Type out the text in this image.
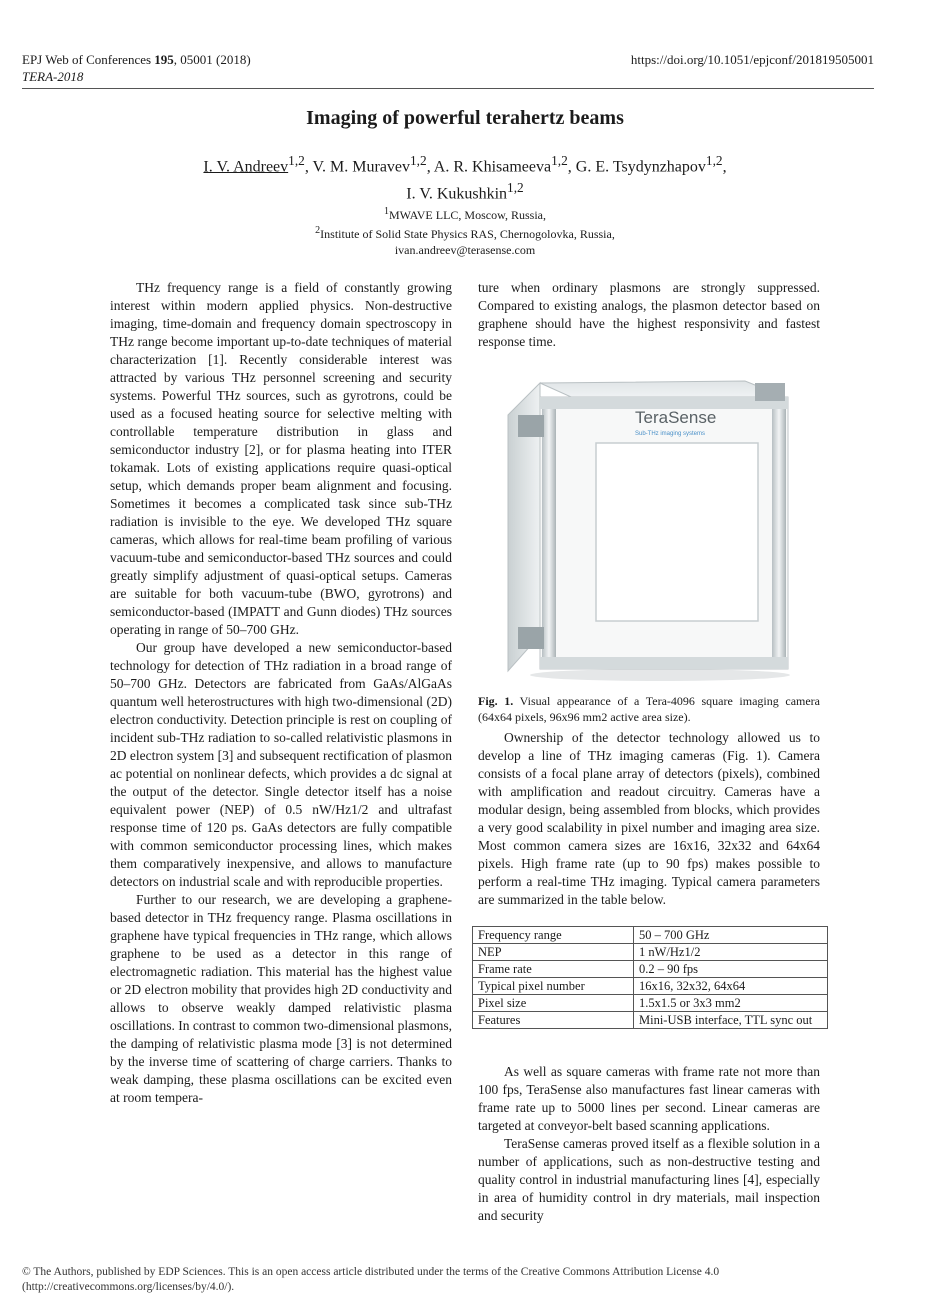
EPJ Web of Conferences 195, 05001 (2018)
TERA-2018
https://doi.org/10.1051/epjconf/201819505001
Imaging of powerful terahertz beams
I. V. Andreev$^{1,2}$, V. M. Muravev$^{1,2}$, A. R. Khisameeva$^{1,2}$, G. E. Tsydynzhapov$^{1,2}$,
I. V. Kukushkin$^{1,2}$
$^1$MWAVE LLC, Moscow, Russia,
$^2$Institute of Solid State Physics RAS, Chernogolovka, Russia,
ivan.andreev@terasense.com

THz frequency range is a field of constantly growing interest within modern applied physics. Non-destructive imaging, time-domain and frequency domain spectroscopy in THz range become important up-to-date techniques of material characterization [1]. Recently considerable interest was attracted by various THz personnel screening and security systems. Powerful THz sources, such as gyrotrons, could be used as a focused heating source for selective melting with controllable temperature distribution in glass and semiconductor industry [2], or for plasma heating into ITER tokamak. Lots of existing applications require quasi-optical setup, which demands proper beam alignment and focusing. Sometimes it becomes a complicated task since sub-THz radiation is invisible to the eye. We developed THz square cameras, which allows for real-time beam profiling of various vacuum-tube and semiconductor-based THz sources and could greatly simplify adjustment of quasi-optical setups. Cameras are suitable for both vacuum-tube (BWO, gyrotrons) and semiconductor-based (IMPATT and Gunn diodes) THz sources operating in range of 50–700 GHz.

Our group have developed a new semiconductor-based technology for detection of THz radiation in a broad range of 50–700 GHz. Detectors are fabricated from GaAs/AlGaAs quantum well heterostructures with high two-dimensional (2D) electron conductivity. Detection principle is rest on coupling of incident sub-THz radiation to so-called relativistic plasmons in 2D electron system [3] and subsequent rectification of plasmon ac potential on nonlinear defects, which provides a dc signal at the output of the detector. Single detector itself has a noise equivalent power (NEP) of 0.5 nW/Hz1/2 and ultrafast response time of 120 ps. GaAs detectors are fully compatible with common semiconductor processing lines, which makes them comparatively inexpensive, and allows to manufacture detectors on industrial scale and with reproducible properties.

Further to our research, we are developing a graphene-based detector in THz frequency range. Plasma oscillations in graphene have typical frequencies in THz range, which allows graphene to be used as a detector in this range of electromagnetic radiation. This material has the highest value or 2D electron mobility that provides high 2D conductivity and allows to observe weakly damped relativistic plasma oscillations. In contrast to common two-dimensional plasmons, the damping of relativistic plasma mode [3] is not determined by the inverse time of scattering of charge carriers. Thanks to weak damping, these plasma oscillations can be excited even at room tempera-

ture when ordinary plasmons are strongly suppressed. Compared to existing analogs, the plasmon detector based on graphene should have the highest responsivity and fastest response time.

TeraSense
Sub-THz imaging systems
Fig. 1. Visual appearance of a Tera-4096 square imaging camera (64x64 pixels, 96x96 mm2 active area size).

Ownership of the detector technology allowed us to develop a line of THz imaging cameras (Fig. 1). Camera consists of a focal plane array of detectors (pixels), combined with amplification and readout circuitry. Cameras have a modular design, being assembled from blocks, which provides a very good scalability in pixel number and imaging area size. Most common camera sizes are 16x16, 32x32 and 64x64 pixels. High frame rate (up to 90 fps) makes possible to perform a real-time THz imaging. Typical camera parameters are summarized in the table below.

Frequency range	50 – 700 GHz
NEP	1 nW/Hz1/2
Frame rate	0.2 – 90 fps
Typical pixel number	16x16, 32x32, 64x64
Pixel size	1.5x1.5 or 3x3 mm2
Features	Mini-USB interface, TTL sync out

As well as square cameras with frame rate not more than 100 fps, TeraSense also manufactures fast linear cameras with frame rate up to 5000 lines per second. Linear cameras are targeted at conveyor-belt based scanning applications.

TeraSense cameras proved itself as a flexible solution in a number of applications, such as non-destructive testing and quality control in industrial manufacturing lines [4], especially in area of humidity control in dry materials, mail inspection and security

© The Authors, published by EDP Sciences. This is an open access article distributed under the terms of the Creative Commons Attribution License 4.0 (http://creativecommons.org/licenses/by/4.0/).
